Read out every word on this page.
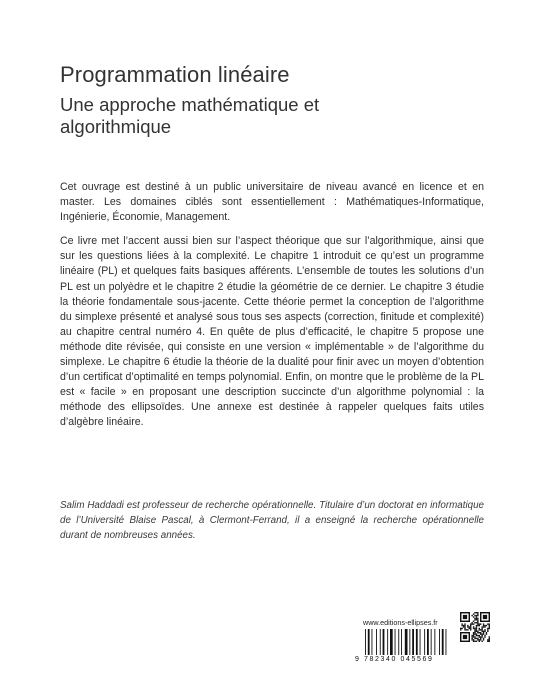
Programmation linéaire
Une approche mathématique et algorithmique

Cet ouvrage est destiné à un public universitaire de niveau avancé en licence et en master. Les domaines ciblés sont essentiellement : Mathématiques-Informatique, Ingénierie, Économie, Management.

Ce livre met l’accent aussi bien sur l’aspect théorique que sur l’algorithmique, ainsi que sur les questions liées à la complexité. Le chapitre 1 introduit ce qu’est un programme linéaire (PL) et quelques faits basiques afférents. L’ensemble de toutes les solutions d’un PL est un polyèdre et le chapitre 2 étudie la géométrie de ce dernier. Le chapitre 3 étudie la théorie fondamentale sous-jacente. Cette théorie permet la conception de l’algorithme du simplexe présenté et analysé sous tous ses aspects (correction, finitude et complexité) au chapitre central numéro 4. En quête de plus d’efficacité, le chapitre 5 propose une méthode dite révisée, qui consiste en une version « implémentable » de l’algorithme du simplexe. Le chapitre 6 étudie la théorie de la dualité pour finir avec un moyen d’obtention d’un certificat d’optimalité en temps polynomial. Enfin, on montre que le problème de la PL est « facile » en proposant une description succincte d’un algorithme polynomial : la méthode des ellipsoïdes. Une annexe est destinée à rappeler quelques faits utiles d’algèbre linéaire.

Salim Haddadi est professeur de recherche opérationnelle. Titulaire d’un doctorat en informatique de l’Université Blaise Pascal, à Clermont-Ferrand, il a enseigné la recherche opérationnelle durant de nombreuses années.
www.editions-ellipses.fr
9 782340 045569
